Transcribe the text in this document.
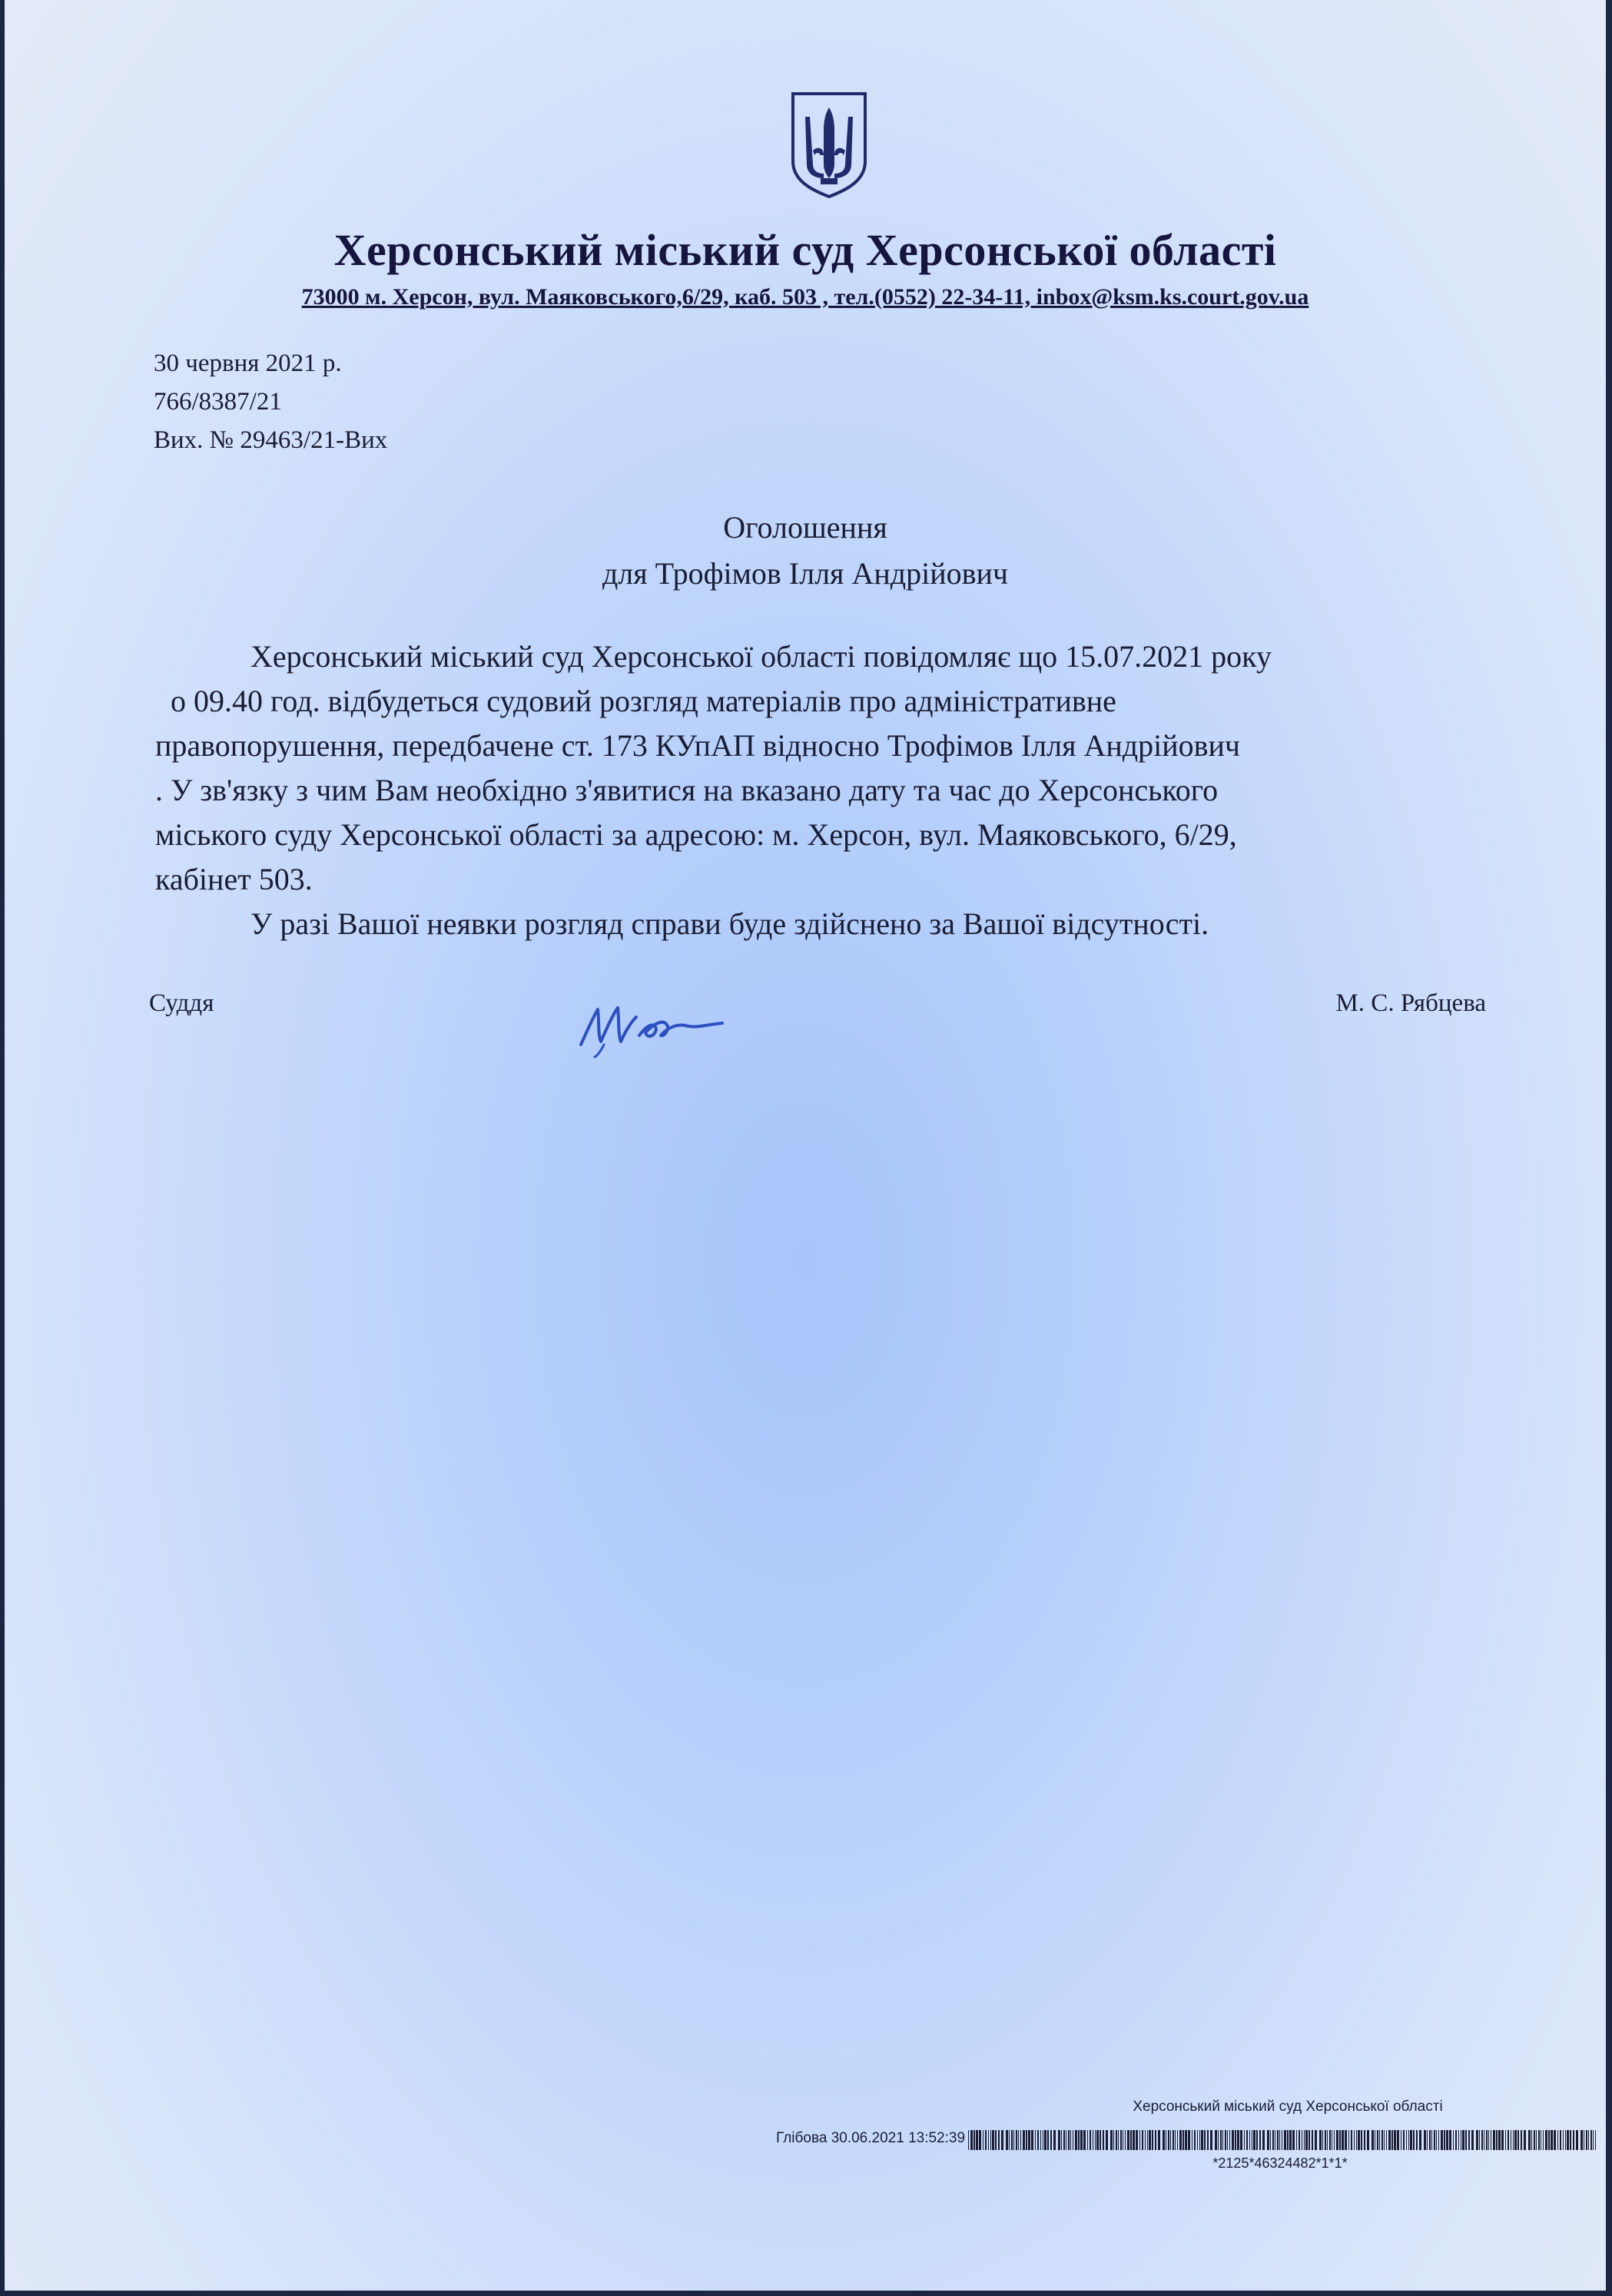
Херсонський міський суд Херсонської області
73000 м. Херсон, вул. Маяковського,6/29, каб. 503 , тел.(0552) 22-34-11, inbox@ksm.ks.court.gov.ua
30 червня 2021 р.
766/8387/21
Вих. № 29463/21-Вих
Оголошення
для Трофімов Ілля Андрійович
Херсонський міський суд Херсонської області повідомляє що 15.07.2021 року
о 09.40 год. відбудеться судовий розгляд матеріалів про адміністративне
правопорушення, передбачене ст. 173 КУпАП відносно Трофімов Ілля Андрійович
. У зв'язку з чим Вам необхідно з'явитися на вказано дату та час до Херсонського
міського суду Херсонської області за адресою: м. Херсон, вул. Маяковського, 6/29,
кабінет 503.
У разі Вашої неявки розгляд справи буде здійснено за Вашої відсутності.
Суддя	М. С. Рябцева
Херсонський міський суд Херсонської області
Глібова 30.06.2021 13:52:39
*2125*46324482*1*1*
